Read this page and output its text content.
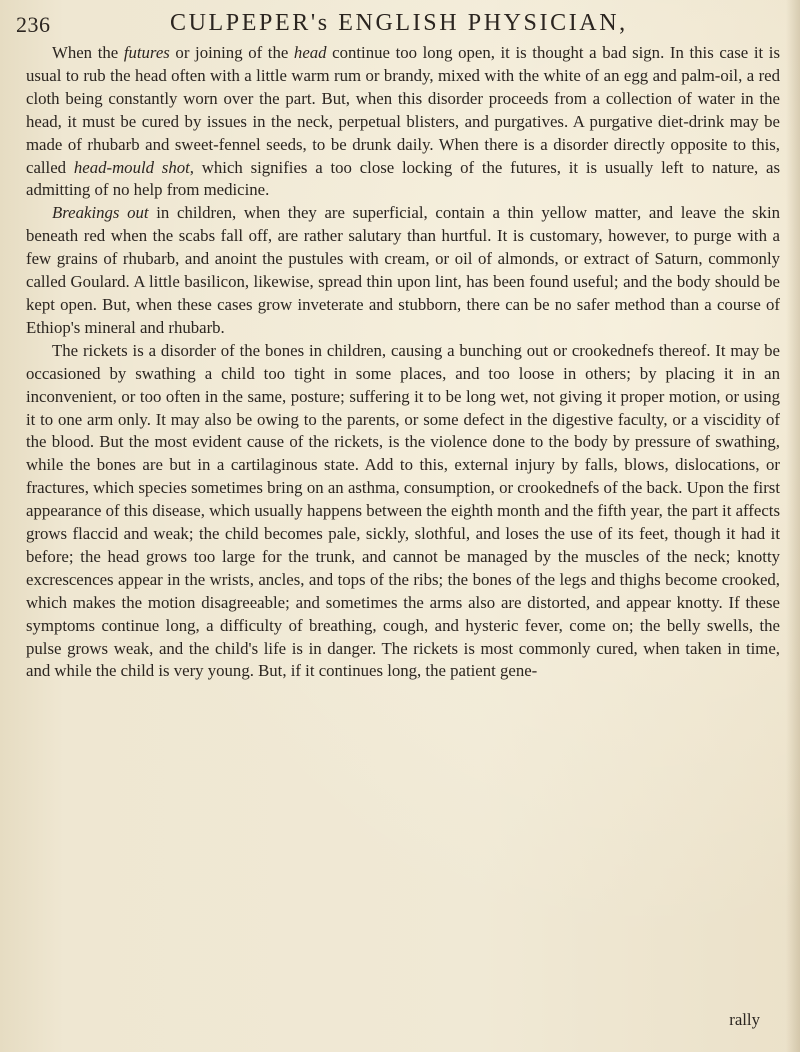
236	CULPEPER's ENGLISH PHYSICIAN,

When the futures or joining of the head continue too long open, it is thought a bad sign. In this case it is usual to rub the head often with a little warm rum or brandy, mixed with the white of an egg and palm-oil, a red cloth being constantly worn over the part. But, when this disorder proceeds from a collection of water in the head, it must be cured by issues in the neck, perpetual blisters, and purgatives. A purgative diet-drink may be made of rhubarb and sweet-fennel seeds, to be drunk daily. When there is a disorder directly opposite to this, called head-mould shot, which signifies a too close locking of the futures, it is usually left to nature, as admitting of no help from medicine.

Breakings out in children, when they are superficial, contain a thin yellow matter, and leave the skin beneath red when the scabs fall off, are rather salutary than hurtful. It is customary, however, to purge with a few grains of rhubarb, and anoint the pustules with cream, or oil of almonds, or extract of Saturn, commonly called Goulard. A little basilicon, likewise, spread thin upon lint, has been found useful; and the body should be kept open. But, when these cases grow inveterate and stubborn, there can be no safer method than a course of Ethiop's mineral and rhubarb.

The rickets is a disorder of the bones in children, causing a bunching out or crookednefs thereof. It may be occasioned by swathing a child too tight in some places, and too loose in others; by placing it in an inconvenient, or too often in the same, posture; suffering it to be long wet, not giving it proper motion, or using it to one arm only. It may also be owing to the parents, or some defect in the digestive faculty, or a viscidity of the blood. But the most evident cause of the rickets, is the violence done to the body by pressure of swathing, while the bones are but in a cartilaginous state. Add to this, external injury by falls, blows, dislocations, or fractures, which species sometimes bring on an asthma, consumption, or crookednefs of the back. Upon the first appearance of this disease, which usually happens between the eighth month and the fifth year, the part it affects grows flaccid and weak; the child becomes pale, sickly, slothful, and loses the use of its feet, though it had it before; the head grows too large for the trunk, and cannot be managed by the muscles of the neck; knotty excrescences appear in the wrists, ancles, and tops of the ribs; the bones of the legs and thighs become crooked, which makes the motion disagreeable; and sometimes the arms also are distorted, and appear knotty. If these symptoms continue long, a difficulty of breathing, cough, and hysteric fever, come on; the belly swells, the pulse grows weak, and the child's life is in danger. The rickets is most commonly cured, when taken in time, and while the child is very young. But, if it continues long, the patient gene-

rally
